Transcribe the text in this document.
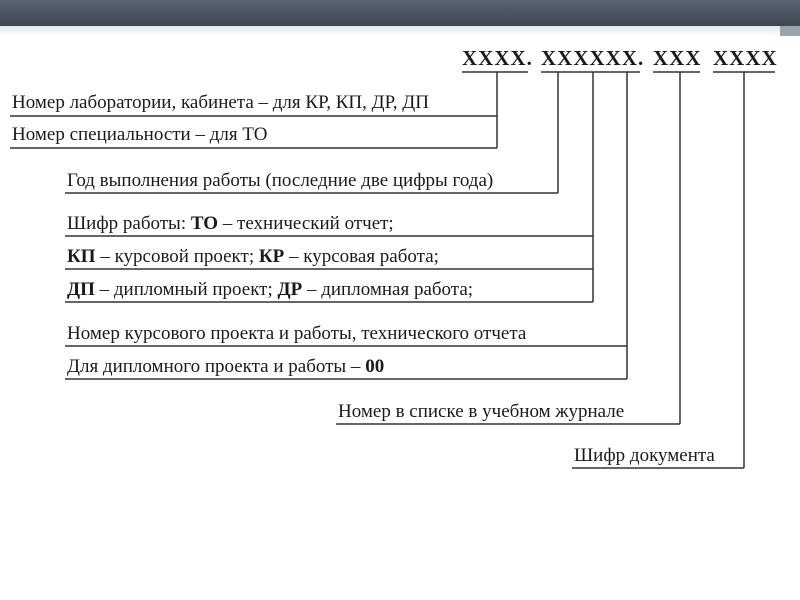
XXXX. XXXXXX. XXX XXXX
Номер лаборатории, кабинета – для КР, КП, ДР, ДП
Номер специальности – для ТО
Год выполнения работы (последние две цифры года)
Шифр работы: ТО – технический отчет;
КП – курсовой проект; КР – курсовая работа;
ДП – дипломный проект; ДР – дипломная работа;
Номер курсового проекта и работы, технического отчета
Для дипломного проекта и работы – 00
Номер в списке в учебном журнале
Шифр документа
